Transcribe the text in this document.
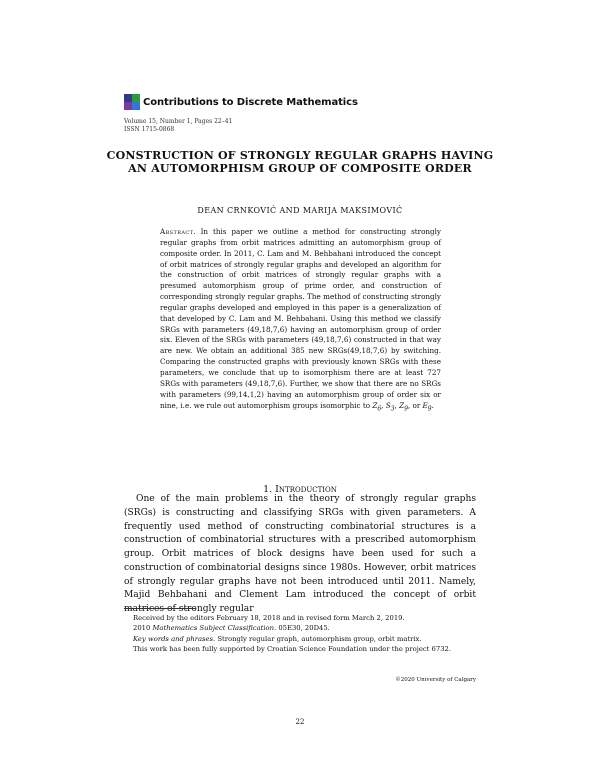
Contributions to Discrete Mathematics
Volume 15, Number 1, Pages 22–41
ISSN 1715-0868
CONSTRUCTION OF STRONGLY REGULAR GRAPHS HAVING AN AUTOMORPHISM GROUP OF COMPOSITE ORDER
DEAN CRNKOVIĆ AND MARIJA MAKSIMOVIĆ
Abstract. In this paper we outline a method for constructing strongly regular graphs from orbit matrices admitting an automorphism group of composite order. In 2011, C. Lam and M. Behbahani introduced the concept of orbit matrices of strongly regular graphs and developed an algorithm for the construction of orbit matrices of strongly regular graphs with a presumed automorphism group of prime order, and construction of corresponding strongly regular graphs. The method of constructing strongly regular graphs developed and employed in this paper is a generalization of that developed by C. Lam and M. Behbahani. Using this method we classify SRGs with parameters (49,18,7,6) having an automorphism group of order six. Eleven of the SRGs with parameters (49,18,7,6) constructed in that way are new. We obtain an additional 385 new SRGs(49,18,7,6) by switching. Comparing the constructed graphs with previously known SRGs with these parameters, we conclude that up to isomorphism there are at least 727 SRGs with parameters (49,18,7,6). Further, we show that there are no SRGs with parameters (99,14,1,2) having an automorphism group of order six or nine, i.e. we rule out automorphism groups isomorphic to $Z_6$, $S_3$, $Z_9$, or $E_9$.
1. Introduction

One of the main problems in the theory of strongly regular graphs (SRGs) is constructing and classifying SRGs with given parameters. A frequently used method of constructing combinatorial structures is a construction of combinatorial structures with a prescribed automorphism group. Orbit matrices of block designs have been used for such a construction of combinatorial designs since 1980s. However, orbit matrices of strongly regular graphs have not been introduced until 2011. Namely, Majid Behbahani and Clement Lam introduced the concept of orbit matrices of strongly regular

Received by the editors February 18, 2018 and in revised form March 2, 2019.

2010 Mathematics Subject Classification. 05E30, 20D45.

Key words and phrases. Strongly regular graph, automorphism group, orbit matrix.

This work has been fully supported by Croatian Science Foundation under the project 6732.

©2020 University of Calgary
22
